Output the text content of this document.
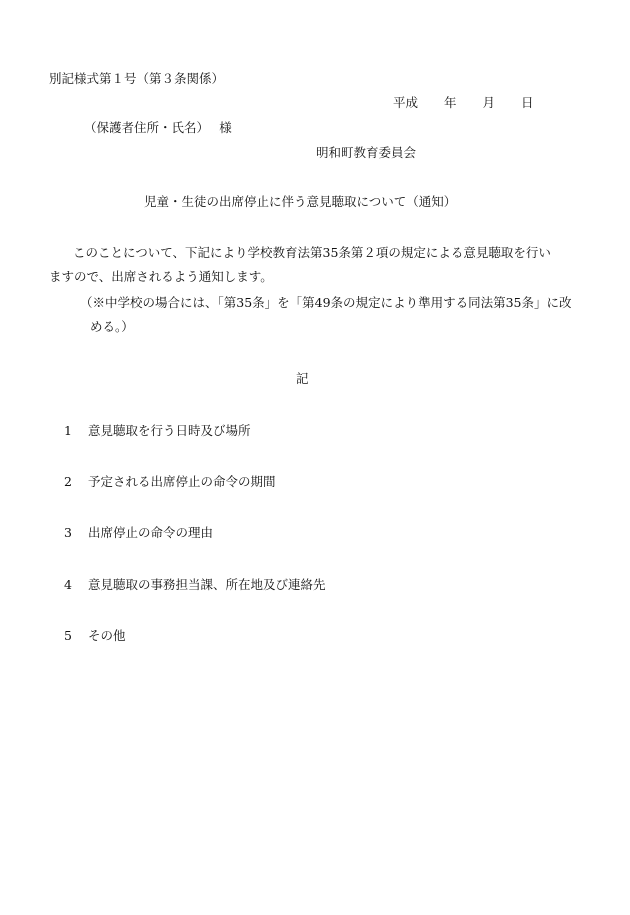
別記様式第１号（第３条関係）
平成 年 月 日
（保護者住所・氏名）　 様
明和町教育委員会
児童・生徒の出席停止に伴う意見聴取について（通知）
このことについて、下記により学校教育法第35条第２項の規定による意見聴取を行い
ますので、出席されるよう通知します。
（※中学校の場合には、「第35条」を「第49条の規定により準用する同法第35条」に改
める。）
記
1 意見聴取を行う日時及び場所
2 予定される出席停止の命令の期間
3 出席停止の命令の理由
4 意見聴取の事務担当課、所在地及び連絡先
5 その他
